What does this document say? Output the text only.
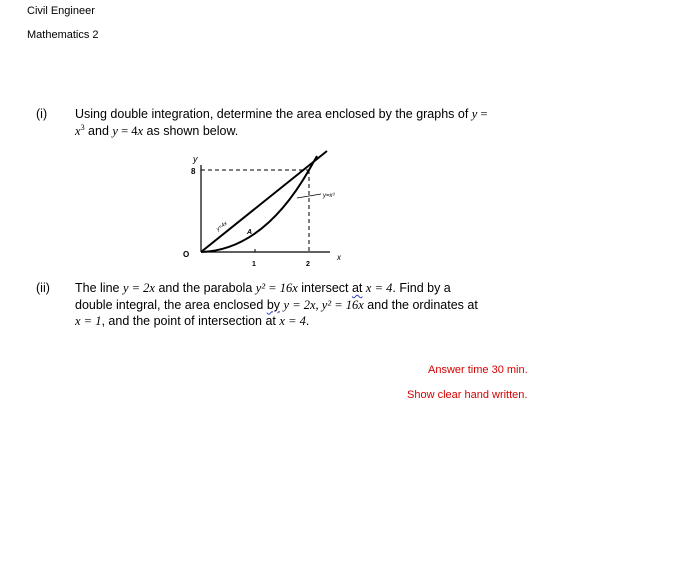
Civil Engineer
Mathematics 2
(i) Using double integration, determine the area enclosed by the graphs of y =
$x^3$ and y = 4x as shown below.
y
8
O
1	2
x
y=4x	A
y=x³
(ii) The line y = 2x and the parabola y² = 16x intersect at x = 4. Find by a
double integral, the area enclosed by y = 2x, y² = 16x and the ordinates at
x = 1, and the point of intersection at x = 4.
Answer time 30 min.
Show clear hand written.
